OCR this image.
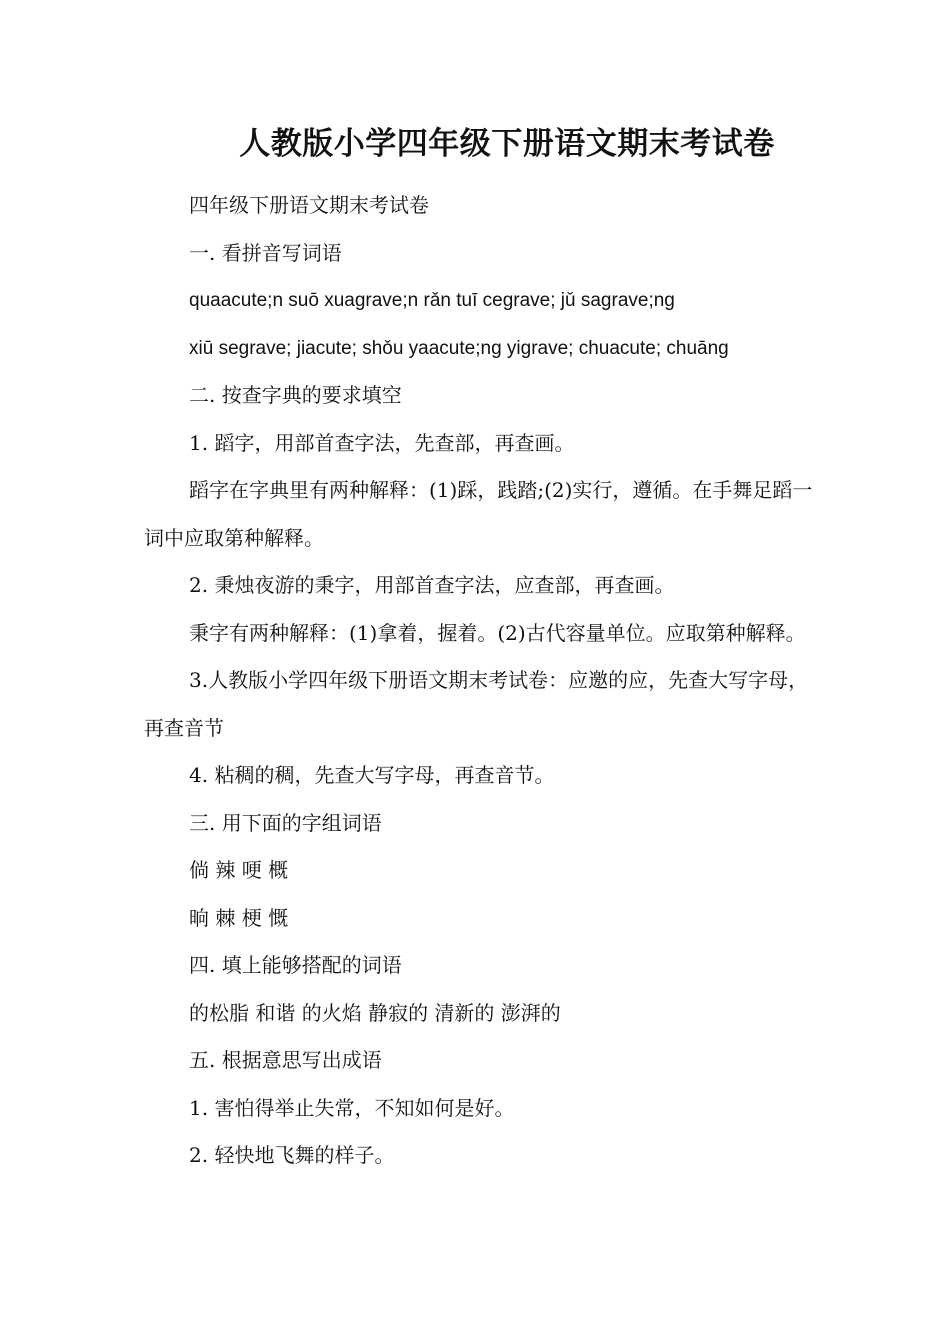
人教版小学四年级下册语文期末考试卷

四年级下册语文期末考试卷

一. 看拼音写词语

quaacute;n suō xuagrave;n rǎn tuī cegrave; jǔ sagrave;ng

xiū segrave; jiacute; shǒu yaacute;ng yigrave; chuacute; chuāng

二. 按查字典的要求填空

1. 蹈字，用部首查字法，先查部，再查画。

蹈字在字典里有两种解释：(1)踩，践踏;(2)实行，遵循。在手舞足蹈一词中应取第种解释。

2. 秉烛夜游的秉字，用部首查字法，应查部，再查画。

秉字有两种解释：(1)拿着，握着。(2)古代容量单位。应取第种解释。

3.人教版小学四年级下册语文期末考试卷：应邀的应，先查大写字母，再查音节

4. 粘稠的稠，先查大写字母，再查音节。

三. 用下面的字组词语

倘 辣 哽 概

晌 棘 梗 慨

四. 填上能够搭配的词语

的松脂 和谐 的火焰 静寂的 清新的 澎湃的

五. 根据意思写出成语

1. 害怕得举止失常，不知如何是好。

2. 轻快地飞舞的样子。
